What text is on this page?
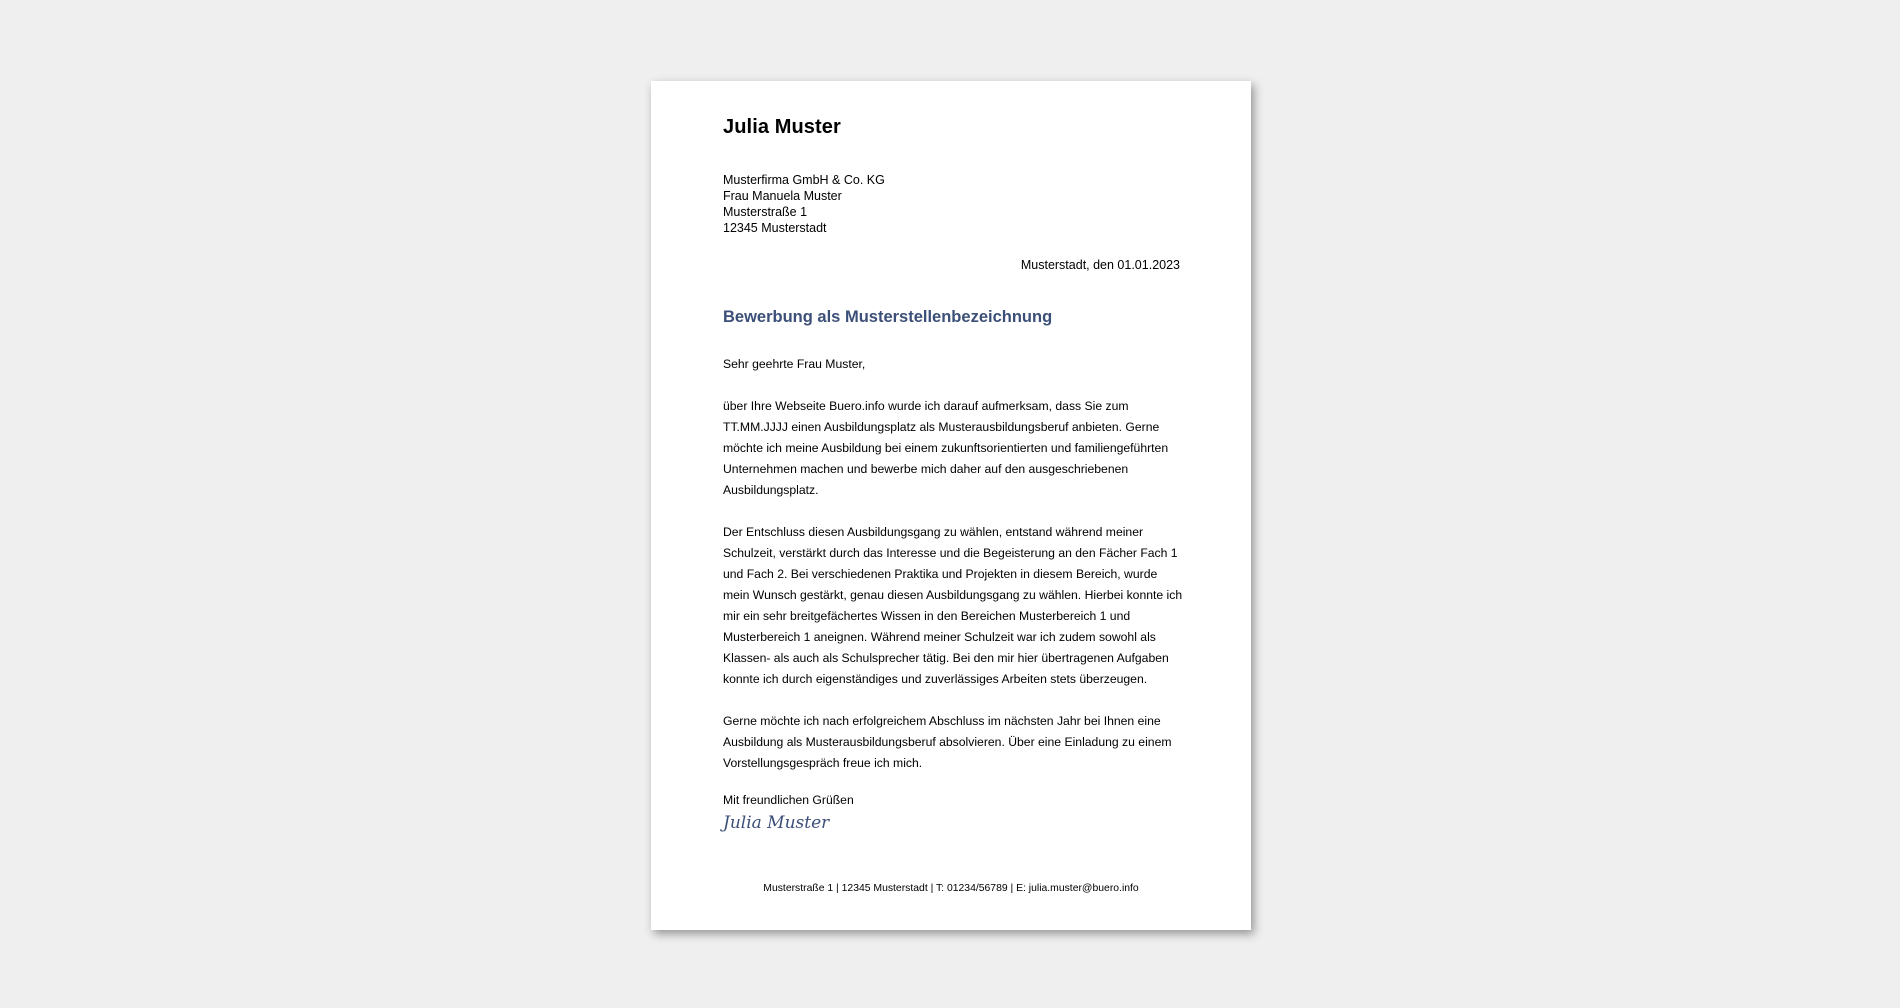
Julia Muster
Musterfirma GmbH & Co. KG
Frau Manuela Muster
Musterstraße 1
12345 Musterstadt
Musterstadt, den 01.01.2023
Bewerbung als Musterstellenbezeichnung

Sehr geehrte Frau Muster,

über Ihre Webseite Buero.info wurde ich darauf aufmerksam, dass Sie zum TT.MM.JJJJ einen Ausbildungsplatz als Musterausbildungsberuf anbieten. Gerne möchte ich meine Ausbildung bei einem zukunftsorientierten und familiengeführten Unternehmen machen und bewerbe mich daher auf den ausgeschriebenen Ausbildungsplatz.

Der Entschluss diesen Ausbildungsgang zu wählen, entstand während meiner Schulzeit, verstärkt durch das Interesse und die Begeisterung an den Fächer Fach 1 und Fach 2. Bei verschiedenen Praktika und Projekten in diesem Bereich, wurde mein Wunsch gestärkt, genau diesen Ausbildungsgang zu wählen. Hierbei konnte ich mir ein sehr breitgefächertes Wissen in den Bereichen Musterbereich 1 und Musterbereich 1 aneignen. Während meiner Schulzeit war ich zudem sowohl als Klassen- als auch als Schulsprecher tätig. Bei den mir hier übertragenen Aufgaben konnte ich durch eigenständiges und zuverlässiges Arbeiten stets überzeugen.

Gerne möchte ich nach erfolgreichem Abschluss im nächsten Jahr bei Ihnen eine Ausbildung als Musterausbildungsberuf absolvieren. Über eine Einladung zu einem Vorstellungsgespräch freue ich mich.

Mit freundlichen Grüßen
Julia Muster
Musterstraße 1 | 12345 Musterstadt | T: 01234/56789 | E: julia.muster@buero.info
